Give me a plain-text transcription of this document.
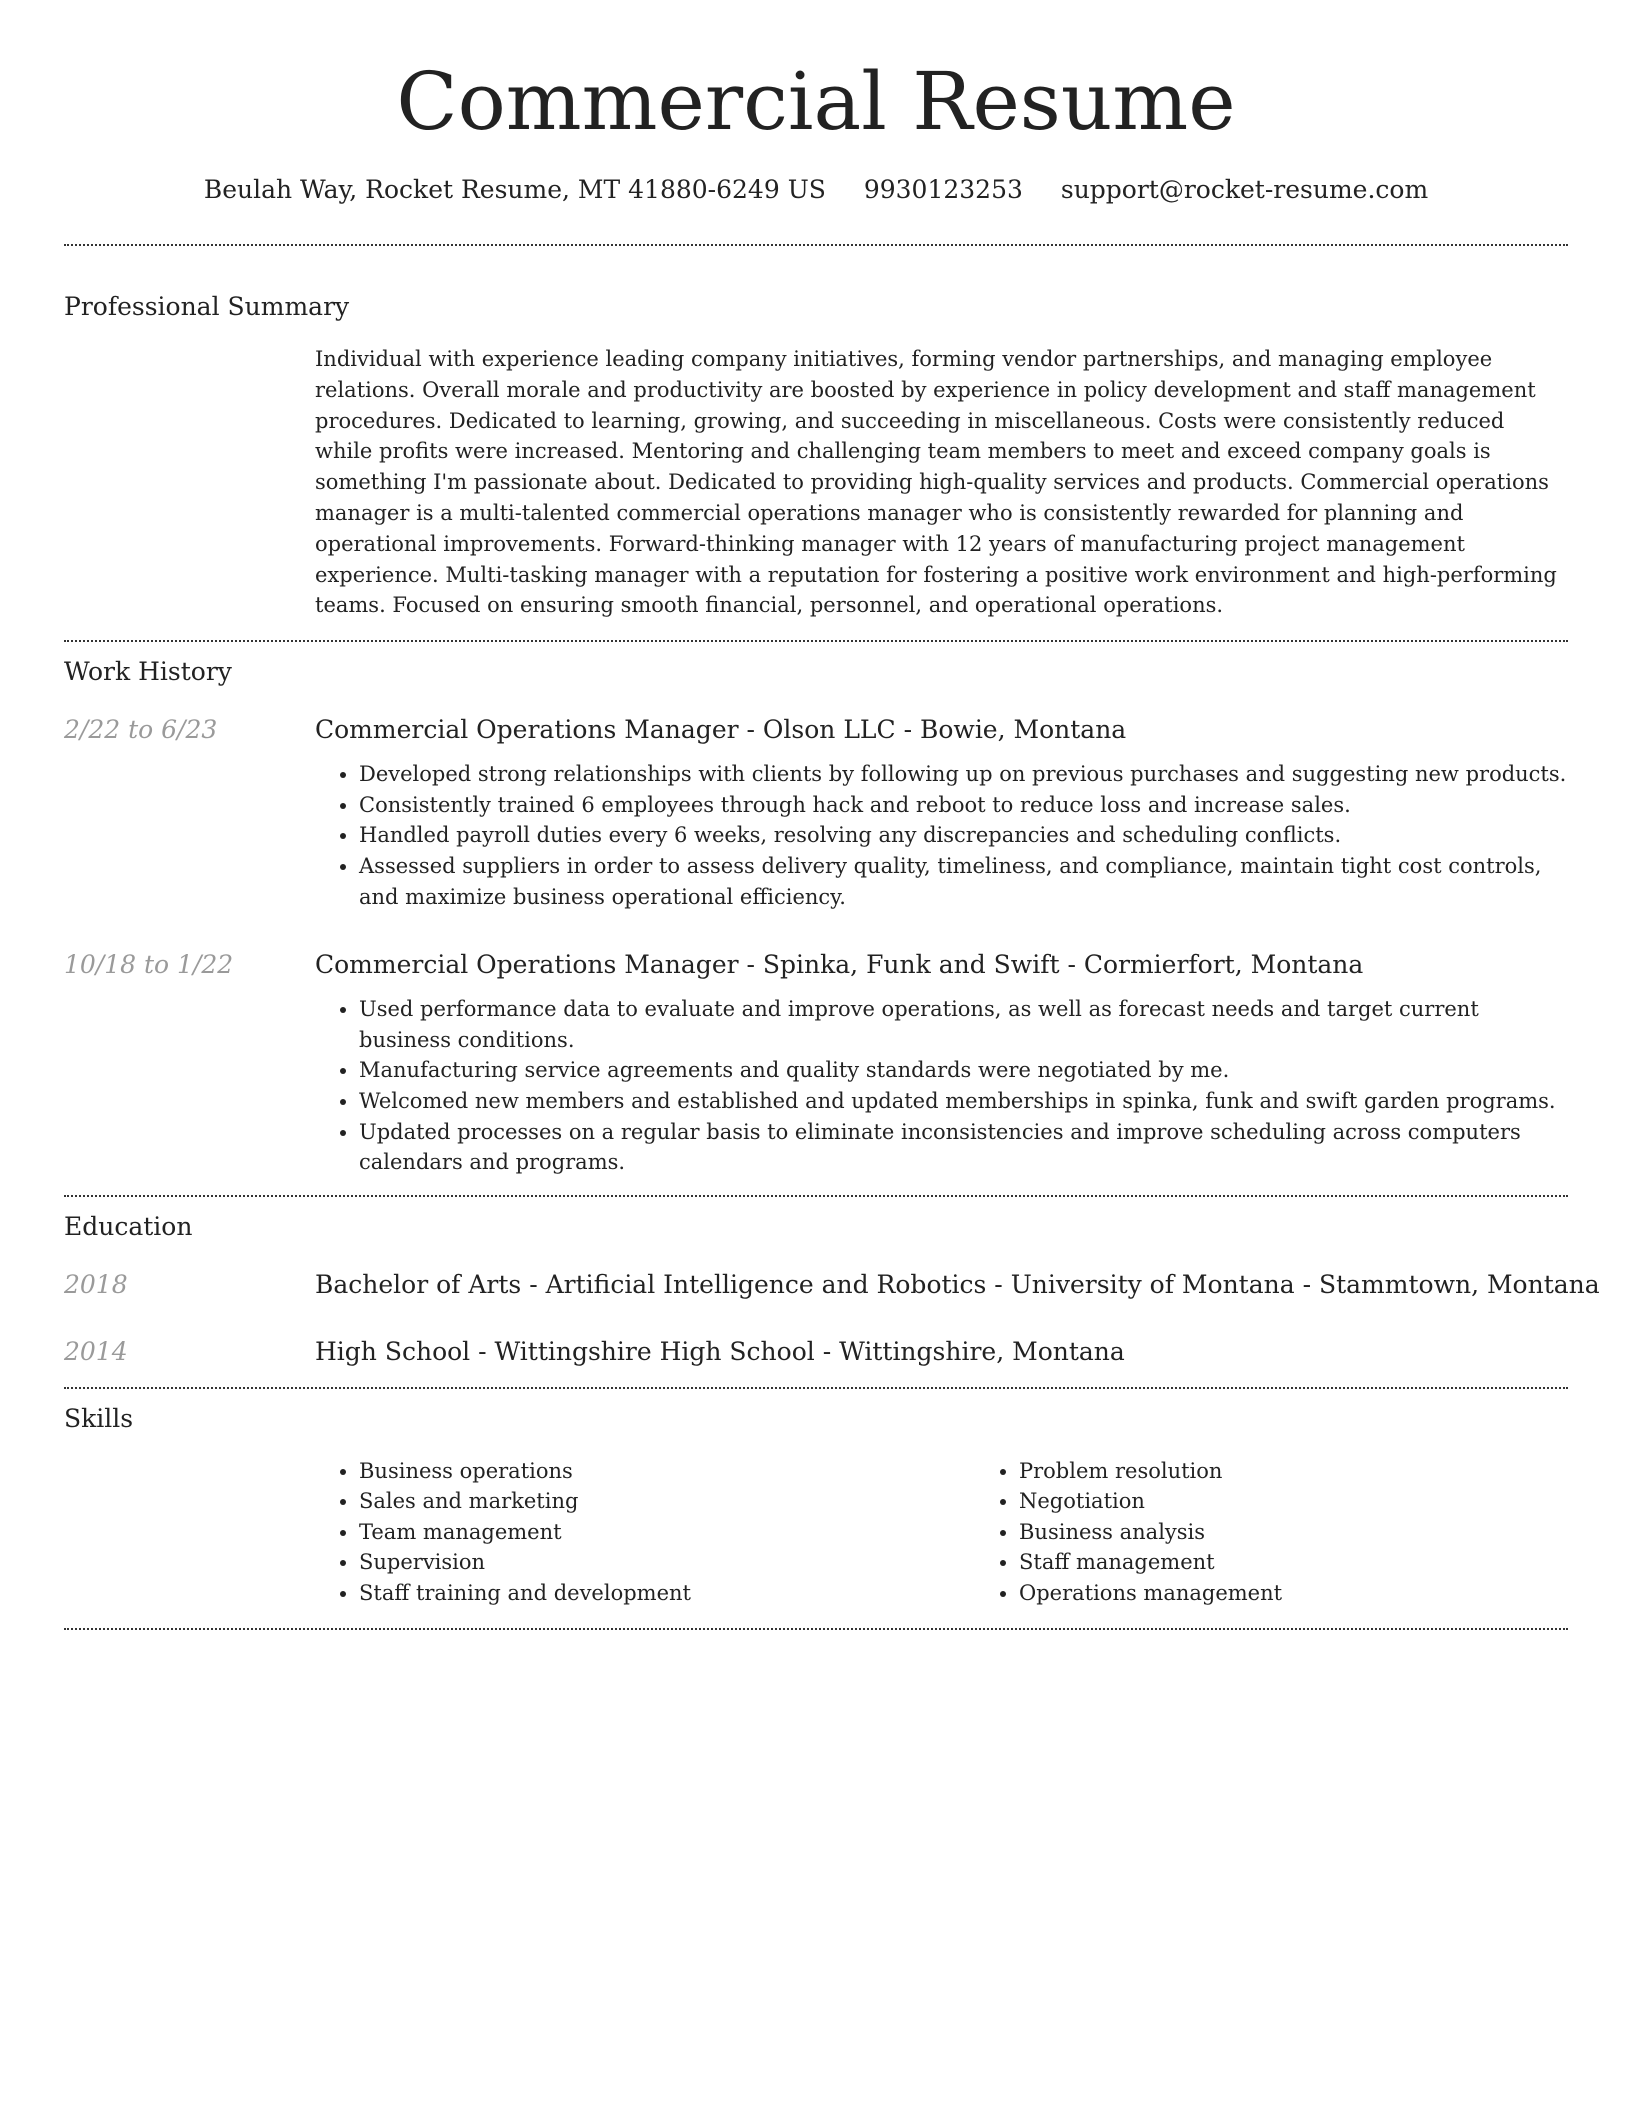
Commercial Resume
Beulah Way, Rocket Resume, MT 41880-6249 US 9930123253 support@rocket-resume.com
Professional Summary

Individual with experience leading company initiatives, forming vendor partnerships, and managing employee relations. Overall morale and productivity are boosted by experience in policy development and staff management procedures. Dedicated to learning, growing, and succeeding in miscellaneous. Costs were consistently reduced while profits were increased. Mentoring and challenging team members to meet and exceed company goals is something I'm passionate about. Dedicated to providing high-quality services and products. Commercial operations manager is a multi-talented commercial operations manager who is consistently rewarded for planning and operational improvements. Forward-thinking manager with 12 years of manufacturing project management experience. Multi-tasking manager with a reputation for fostering a positive work environment and high-performing teams. Focused on ensuring smooth financial, personnel, and operational operations.

Work History
2/22 to 6/23	Commercial Operations Manager - Olson LLC - Bowie, Montana

• Developed strong relationships with clients by following up on previous purchases and suggesting new products.
• Consistently trained 6 employees through hack and reboot to reduce loss and increase sales.
• Handled payroll duties every 6 weeks, resolving any discrepancies and scheduling conflicts.
• Assessed suppliers in order to assess delivery quality, timeliness, and compliance, maintain tight cost controls, and maximize business operational efficiency.
10/18 to 1/22	Commercial Operations Manager - Spinka, Funk and Swift - Cormierfort, Montana

• Used performance data to evaluate and improve operations, as well as forecast needs and target current business conditions.
• Manufacturing service agreements and quality standards were negotiated by me.
• Welcomed new members and established and updated memberships in spinka, funk and swift garden programs.
• Updated processes on a regular basis to eliminate inconsistencies and improve scheduling across computers calendars and programs.
Education
2018	Bachelor of Arts - Artificial Intelligence and Robotics - University of Montana - Stammtown, Montana

2014	High School - Wittingshire High School - Wittingshire, Montana

Skills
• Business operations
• Sales and marketing
• Team management
• Supervision
• Staff training and development
• Problem resolution
• Negotiation
• Business analysis
• Staff management
• Operations management
